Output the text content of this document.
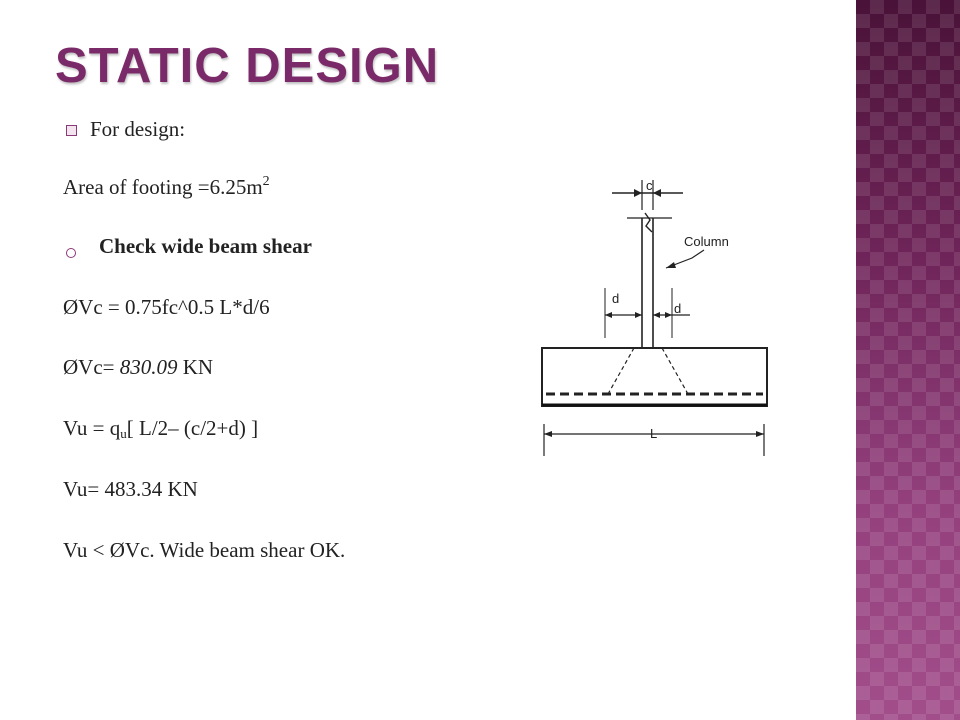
STATIC DESIGN
For design:
Area of footing $=6.25m^2$
Check wide beam shear
ØVc = 0.75fc^0.5 L*d/6
ØVc= 830.09 KN
$Vu = q_u$[ L/2– (c/2+d) ]
Vu= 483.34 KN
Vu < ØVc. Wide beam shear OK.
c
Column
d
d
L
